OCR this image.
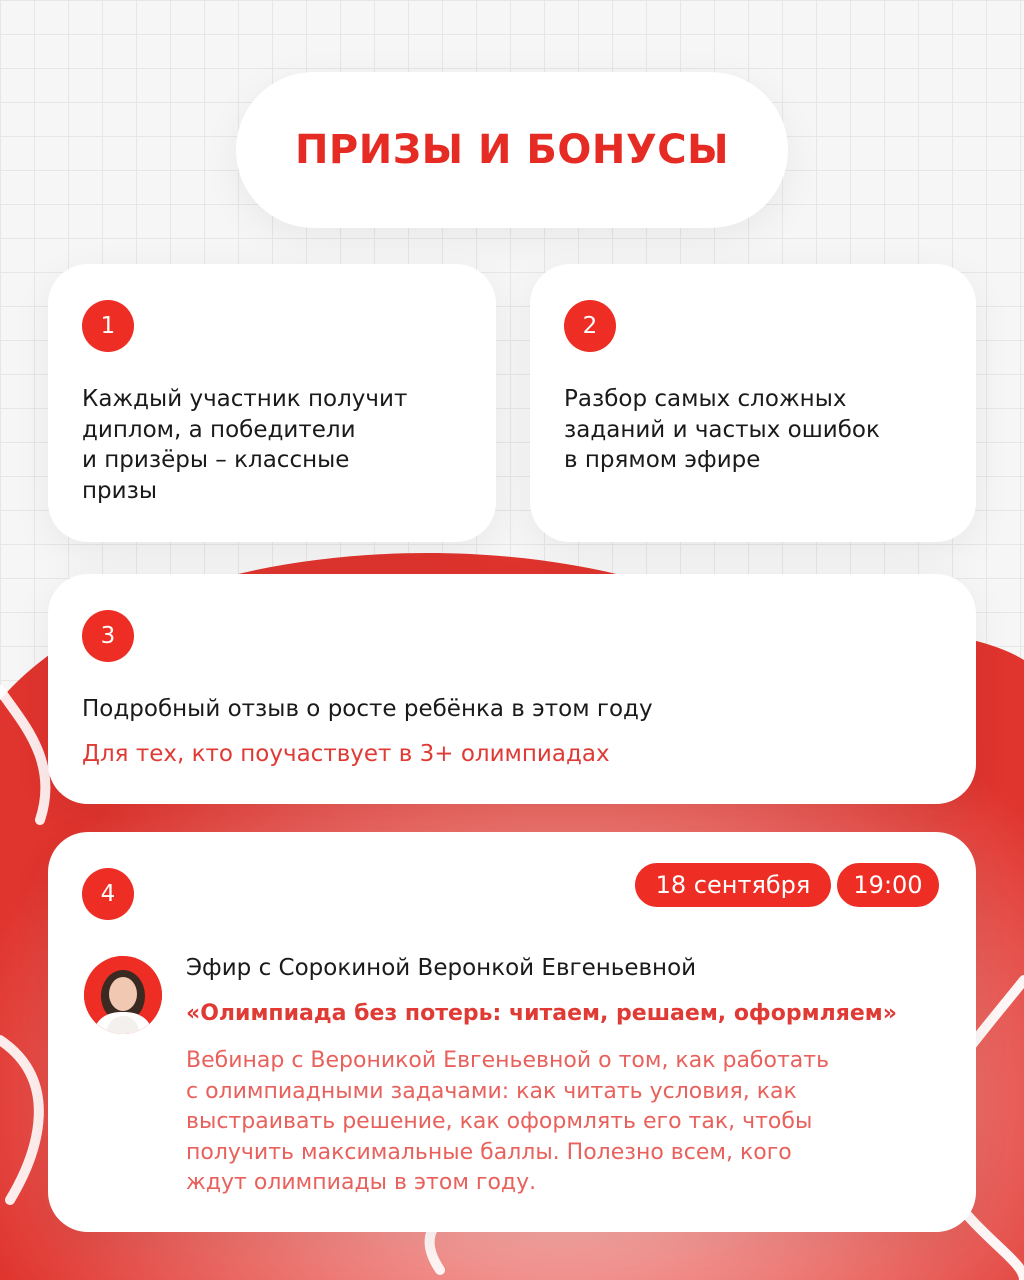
ПРИЗЫ И БОНУСЫ
1

Каждый участник получит
диплом, а победители
и призёры – классные
призы

2

Разбор самых сложных
заданий и частых ошибок
в прямом эфире

3

Подробный отзыв о росте ребёнка в этом году

Для тех, кто поучаствует в 3+ олимпиадах

4	18 сентября	19:00

Эфир с Сорокиной Веронкой Евгеньевной

«Олимпиада без потерь: читаем, решаем, оформляем»

Вебинар с Вероникой Евгеньевной о том, как работать
с олимпиадными задачами: как читать условия, как
выстраивать решение, как оформлять его так, чтобы
получить максимальные баллы. Полезно всем, кого
ждут олимпиады в этом году.
